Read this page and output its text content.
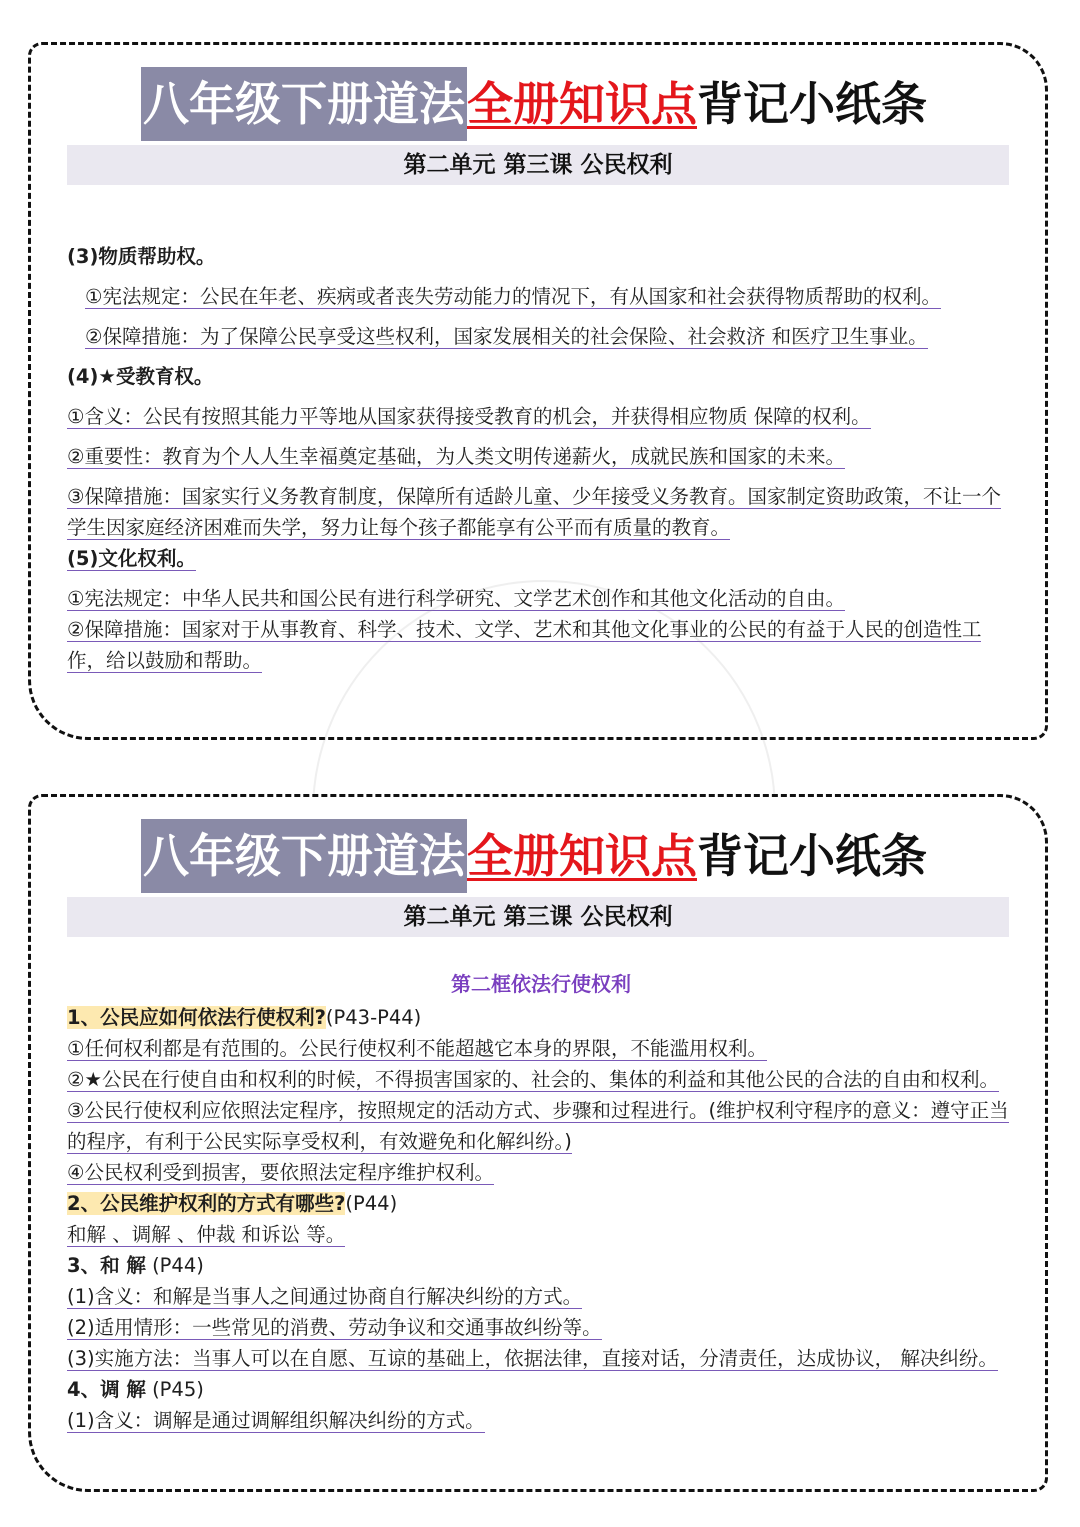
八年级下册道法全册知识点背记小纸条
第二单元 第三课 公民权利

(3)物质帮助权。

①宪法规定：公民在年老、疾病或者丧失劳动能力的情况下，有从国家和社会获得物质帮助的权利。

②保障措施：为了保障公民享受这些权利，国家发展相关的社会保险、社会救济 和医疗卫生事业。

(4)★受教育权。

①含义：公民有按照其能力平等地从国家获得接受教育的机会，并获得相应物质 保障的权利。

②重要性：教育为个人人生幸福奠定基础，为人类文明传递薪火，成就民族和国家的未来。

③保障措施：国家实行义务教育制度，保障所有适龄儿童、少年接受义务教育。国家制定资助政策，不让一个学生因家庭经济困难而失学，努力让每个孩子都能享有公平而有质量的教育。

(5)文化权利。

①宪法规定：中华人民共和国公民有进行科学研究、文学艺术创作和其他文化活动的自由。

②保障措施：国家对于从事教育、科学、技术、文学、艺术和其他文化事业的公民的有益于人民的创造性工作，给以鼓励和帮助。

八年级下册道法全册知识点背记小纸条
第二单元 第三课 公民权利

第二框依法行使权利

1、公民应如何依法行使权利?(P43-P44)

①任何权利都是有范围的。公民行使权利不能超越它本身的界限，不能滥用权利。

②★公民在行使自由和权利的时候，不得损害国家的、社会的、集体的利益和其他公民的合法的自由和权利。

③公民行使权利应依照法定程序，按照规定的活动方式、步骤和过程进行。(维护权利守程序的意义：遵守正当的程序，有利于公民实际享受权利，有效避免和化解纠纷。)

④公民权利受到损害，要依照法定程序维护权利。

2、公民维护权利的方式有哪些?(P44)

和解 、调解 、仲裁 和诉讼 等。

3、和 解 (P44)

(1)含义：和解是当事人之间通过协商自行解决纠纷的方式。

(2)适用情形：一些常见的消费、劳动争议和交通事故纠纷等。

(3)实施方法：当事人可以在自愿、互谅的基础上，依据法律，直接对话，分清责任，达成协议， 解决纠纷。

4、调 解 (P45)

(1)含义：调解是通过调解组织解决纠纷的方式。
